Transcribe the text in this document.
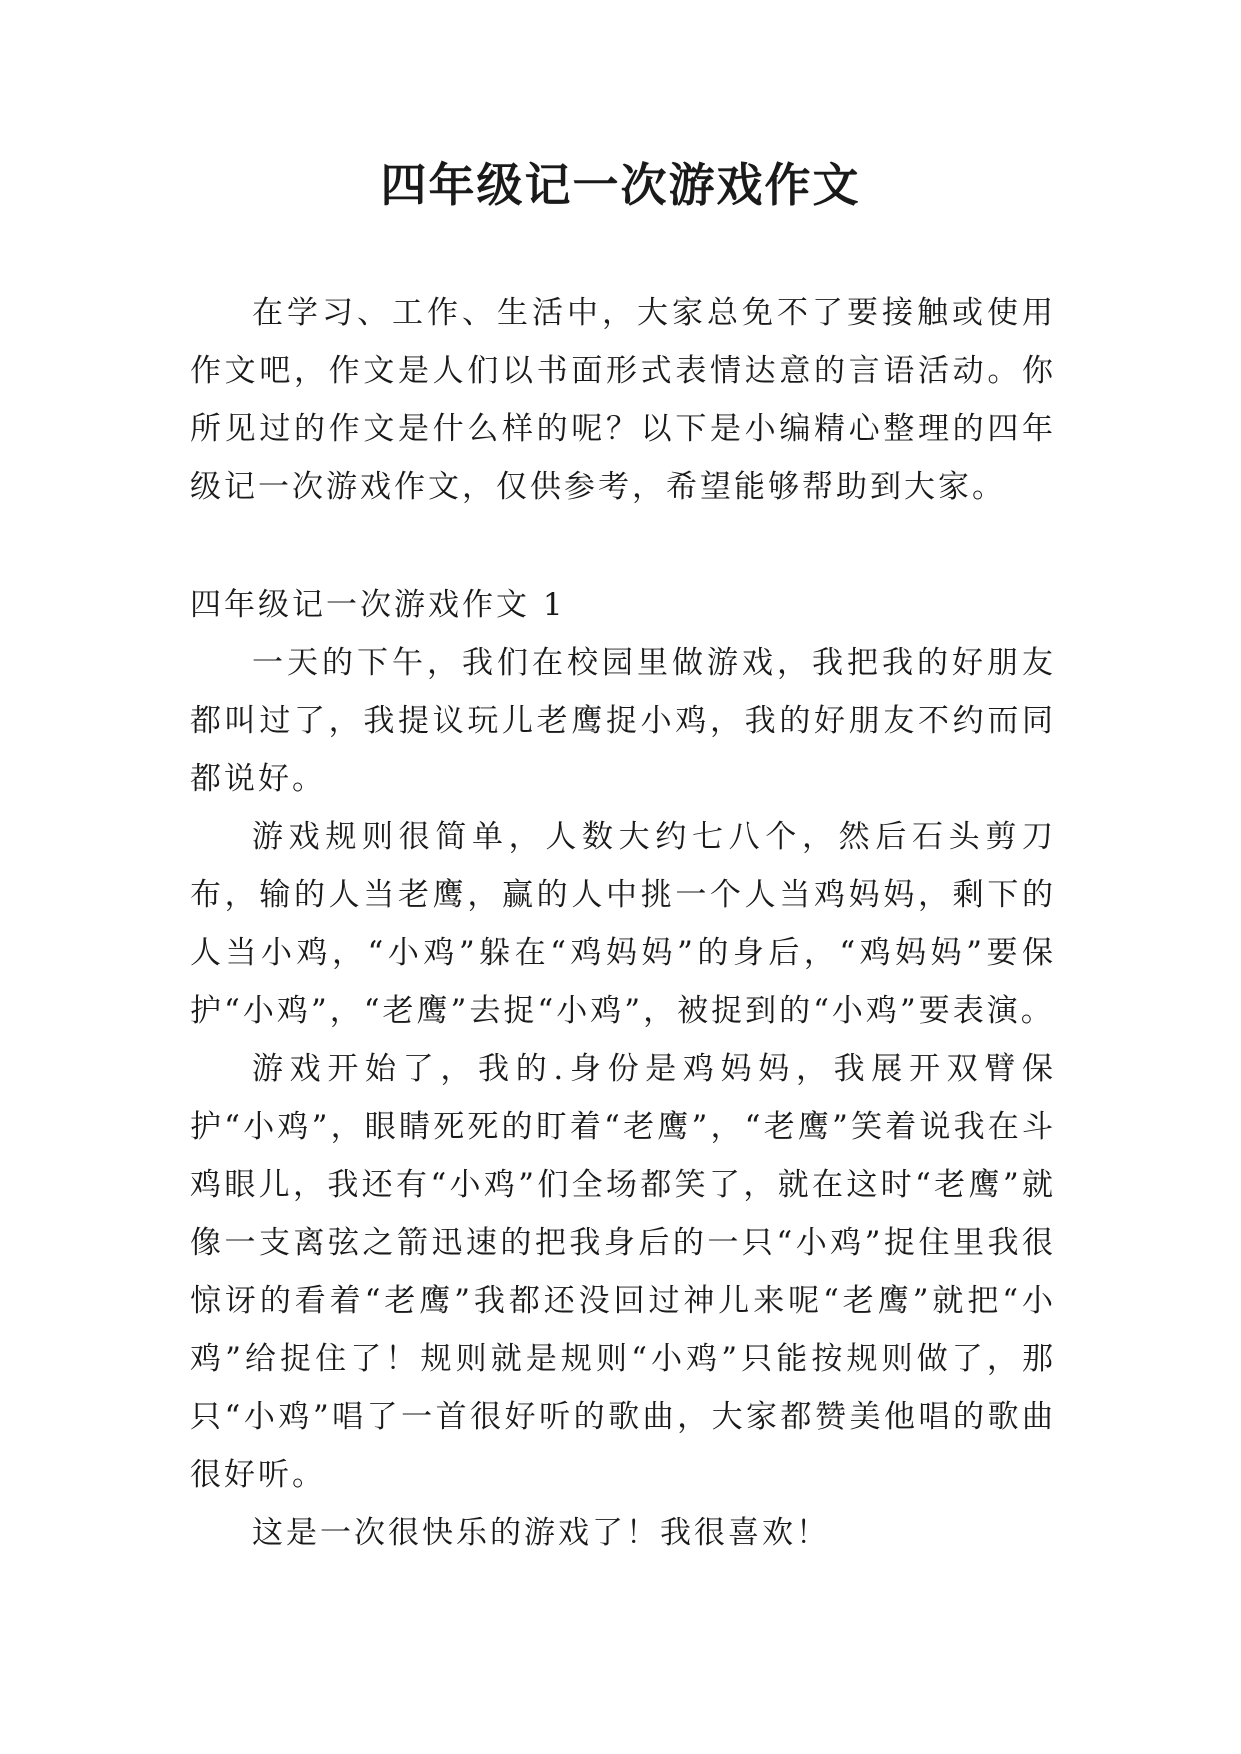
四年级记一次游戏作文

在学习、工作、生活中，大家总免不了要接触或使用作文吧，作文是人们以书面形式表情达意的言语活动。你所见过的作文是什么样的呢？以下是小编精心整理的四年级记一次游戏作文，仅供参考，希望能够帮助到大家。

四年级记一次游戏作文 1

一天的下午，我们在校园里做游戏，我把我的好朋友都叫过了，我提议玩儿老鹰捉小鸡，我的好朋友不约而同都说好。

游戏规则很简单，人数大约七八个，然后石头剪刀布，输的人当老鹰，赢的人中挑一个人当鸡妈妈，剩下的人当小鸡，“小鸡”躲在“鸡妈妈”的身后，“鸡妈妈”要保护“小鸡”，“老鹰”去捉“小鸡”，被捉到的“小鸡”要表演。

游戏开始了，我的.身份是鸡妈妈，我展开双臂保护“小鸡”，眼睛死死的盯着“老鹰”，“老鹰”笑着说我在斗鸡眼儿，我还有“小鸡”们全场都笑了，就在这时“老鹰”就像一支离弦之箭迅速的把我身后的一只“小鸡”捉住里我很惊讶的看着“老鹰”我都还没回过神儿来呢“老鹰”就把“小鸡”给捉住了！规则就是规则“小鸡”只能按规则做了，那只“小鸡”唱了一首很好听的歌曲，大家都赞美他唱的歌曲很好听。

这是一次很快乐的游戏了！我很喜欢！
